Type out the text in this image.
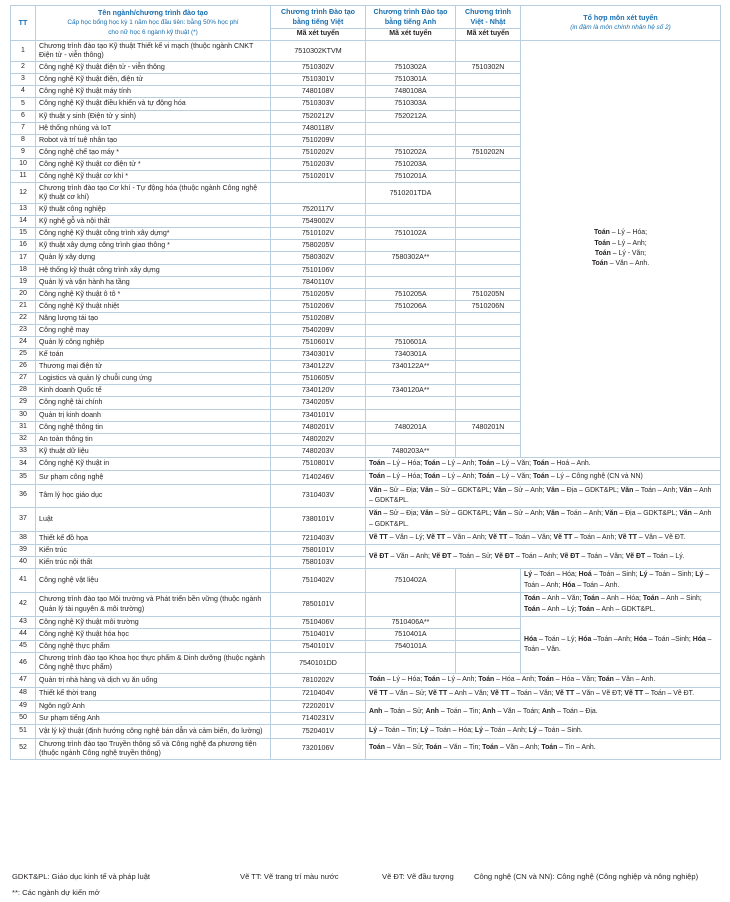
TT	Tên ngành/chương trình đào tạo
Cấp học bổng học kỳ 1 năm học đầu tiên: bằng 50% học phí
cho nữ học 6 ngành kỹ thuật (*)	Chương trình Đào tạo bằng tiếng Việt	Chương trình Đào tạo bằng tiếng Anh	Chương trình Việt - Nhật	Tổ hợp môn xét tuyển
(in đậm là môn chính nhân hệ số 2)	

		Mã xét tuyển	Mã xét tuyển	Mã xét tuyển		
1	Chương trình đào tạo Kỹ thuật Thiết kế vi mạch (thuộc ngành CNKT Điện tử - viễn thông)	7510302KTVM			Toán – Lý – Hóa;
Toán – Lý – Anh;
Toán – Lý - Văn;
Toán – Văn – Anh.	
2	Công nghệ Kỹ thuật điện tử - viễn thông	7510302V	7510302A	7510302N		
3	Công nghệ Kỹ thuật điện, điện tử	7510301V	7510301A			
4	Công nghệ Kỹ thuật máy tính	7480108V	7480108A			
5	Công nghệ Kỹ thuật điều khiển và tự động hóa	7510303V	7510303A			
6	Kỹ thuật y sinh (Điện tử y sinh)	7520212V	7520212A			
7	Hệ thống nhúng và IoT	7480118V				
8	Robot và trí tuệ nhân tạo	7510209V				
9	Công nghệ chế tạo máy *	7510202V	7510202A	7510202N		
10	Công nghệ Kỹ thuật cơ điện tử *	7510203V	7510203A			
11	Công nghệ Kỹ thuật cơ khí *	7510201V	7510201A			
12	Chương trình đào tạo Cơ khí - Tự động hóa (thuộc ngành Công nghệ Kỹ thuật cơ khí)		7510201TDA			
13	Kỹ thuật công nghiệp	7520117V				
14	Kỹ nghệ gỗ và nội thất	7549002V				
15	Công nghệ Kỹ thuật công trình xây dựng*	7510102V	7510102A			
16	Kỹ thuật xây dựng công trình giao thông *	7580205V				
17	Quản lý xây dựng	7580302V	7580302A**			
18	Hệ thống kỹ thuật công trình xây dựng	7510106V				
19	Quản lý và vận hành hạ tầng	7840110V				
20	Công nghệ Kỹ thuật ô tô *	7510205V	7510205A	7510205N		
21	Công nghệ Kỹ thuật nhiệt	7510206V	7510206A	7510206N		
22	Năng lượng tái tạo	7510208V				
23	Công nghệ may	7540209V				
24	Quản lý công nghiệp	7510601V	7510601A			
25	Kế toán	7340301V	7340301A			
26	Thương mại điện tử	7340122V	7340122A**			
27	Logistics và quản lý chuỗi cung ứng	7510605V				
28	Kinh doanh Quốc tế	7340120V	7340120A**			
29	Công nghệ tài chính	7340205V				
30	Quản trị kinh doanh	7340101V				
31	Công nghệ thông tin	7480201V	7480201A	7480201N		
32	An toàn thông tin	7480202V				
33	Kỹ thuật dữ liệu	7480203V	7480203A**			
34	Công nghệ Kỹ thuật in	7510801V	Toán – Lý – Hóa; Toán – Lý – Anh; Toán – Lý – Văn; Toán – Hoá – Anh.			
35	Sư phạm công nghệ	7140246V	Toán – Lý – Hóa; Toán – Lý – Anh; Toán – Lý – Văn; Toán – Lý – Công nghệ (CN và NN)			
36	Tâm lý học giáo dục	7310403V	Văn – Sử – Địa; Văn – Sử – GDKT&PL; Văn – Sử – Anh; Văn – Địa – GDKT&PL; Văn – Toán – Anh; Văn – Anh – GDKT&PL.			
37	Luật	7380101V	Văn – Sử – Địa; Văn – Sử – GDKT&PL; Văn – Sử – Anh; Văn – Toán – Anh; Văn – Địa – GDKT&PL; Văn – Anh – GDKT&PL.			
38	Thiết kế đồ họa	7210403V	Vẽ TT – Văn – Lý; Vẽ TT – Văn – Anh; Vẽ TT – Toán – Văn; Vẽ TT – Toán – Anh; Vẽ TT – Văn – Vẽ ĐT.			
39	Kiến trúc	7580101V	Vẽ ĐT – Văn – Anh; Vẽ ĐT – Toán – Sử; Vẽ ĐT – Toán – Anh; Vẽ ĐT – Toán – Văn; Vẽ ĐT – Toán – Lý.			
40	Kiến trúc nội thất	7580103V				
41	Công nghệ vật liệu	7510402V	7510402A		Lý – Toán – Hóa; Hoá – Toán – Sinh; Lý – Toán – Sinh; Lý – Toán – Anh; Hóa – Toán – Anh.	
42	Chương trình đào tạo Môi trường và Phát triển bền vững (thuộc ngành Quản lý tài nguyên & môi trường)	7850101V			Toán – Anh – Văn; Toán – Anh – Hóa; Toán – Anh – Sinh; Toán – Anh – Lý; Toán – Anh – GDKT&PL.	
43	Công nghệ Kỹ thuật môi trường	7510406V	7510406A**		Hóa – Toán – Lý; Hóa –Toán –Anh; Hóa – Toán –Sinh; Hóa – Toán – Văn.	
44	Công nghệ Kỹ thuật hóa học	7510401V	7510401A			
45	Công nghệ thực phẩm	7540101V	7540101A			
46	Chương trình đào tạo Khoa học thực phẩm & Dinh dưỡng (thuộc ngành Công nghệ thực phẩm)	7540101DD				
47	Quản trị nhà hàng và dịch vụ ăn uống	7810202V	Toán – Lý – Hóa; Toán – Lý – Anh; Toán – Hóa – Anh; Toán – Hóa – Văn; Toán – Văn – Anh.			
48	Thiết kế thời trang	7210404V	Vẽ TT – Văn – Sử; Vẽ TT – Anh – Văn; Vẽ TT – Toán – Văn; Vẽ TT – Văn – Vẽ ĐT; Vẽ TT – Toán – Vẽ ĐT.			
49	Ngôn ngữ Anh	7220201V	Anh – Toán – Sử; Anh – Toán – Tin; Anh – Văn – Toán; Anh – Toán – Địa.			
50	Sư phạm tiếng Anh	7140231V				
51	Vật lý kỹ thuật (định hướng công nghệ bán dẫn và cảm biến, đo lường)	7520401V	Lý – Toán – Tin; Lý – Toán – Hóa; Lý – Toán – Anh; Lý – Toán – Sinh.			
52	Chương trình đào tạo Truyền thông số và Công nghệ đa phương tiện (thuộc ngành Công nghệ truyền thông)	7320106V	Toán – Văn – Sử; Toán – Văn – Tin; Toán – Văn – Anh; Toán – Tin – Anh.			
GDKT&PL: Giáo dục kinh tế và pháp luật	Vẽ TT: Vẽ trang trí màu nước	Vẽ ĐT: Vẽ đầu tượng	Công nghệ (CN và NN): Công nghệ (Công nghiệp và nông nghiệp)
**: Các ngành dự kiến mở
